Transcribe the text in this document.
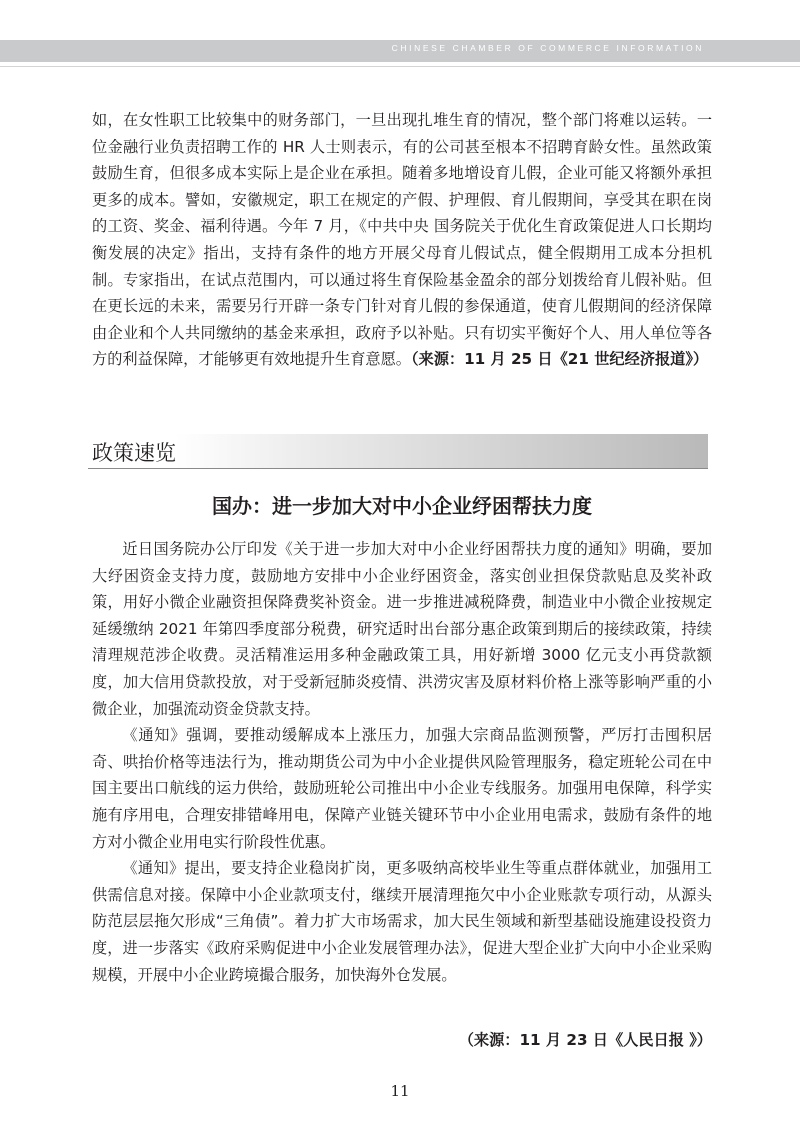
CHINESE CHAMBER OF COMMERCE INFORMATION

如，在女性职工比较集中的财务部门，一旦出现扎堆生育的情况，整个部门将难以运转。一位金融行业负责招聘工作的 HR 人士则表示，有的公司甚至根本不招聘育龄女性。虽然政策鼓励生育，但很多成本实际上是企业在承担。随着多地增设育儿假，企业可能又将额外承担更多的成本。譬如，安徽规定，职工在规定的产假、护理假、育儿假期间，享受其在职在岗的工资、奖金、福利待遇。今年 7 月，《中共中央 国务院关于优化生育政策促进人口长期均衡发展的决定》指出，支持有条件的地方开展父母育儿假试点，健全假期用工成本分担机制。专家指出，在试点范围内，可以通过将生育保险基金盈余的部分划拨给育儿假补贴。但在更长远的未来，需要另行开辟一条专门针对育儿假的参保通道，使育儿假期间的经济保障由企业和个人共同缴纳的基金来承担，政府予以补贴。只有切实平衡好个人、用人单位等各方的利益保障，才能够更有效地提升生育意愿。（来源：11 月 25 日《21 世纪经济报道》）

政策速览
国办：进一步加大对中小企业纾困帮扶力度

近日国务院办公厅印发《关于进一步加大对中小企业纾困帮扶力度的通知》明确，要加大纾困资金支持力度，鼓励地方安排中小企业纾困资金，落实创业担保贷款贴息及奖补政策，用好小微企业融资担保降费奖补资金。进一步推进减税降费，制造业中小微企业按规定延缓缴纳 2021 年第四季度部分税费，研究适时出台部分惠企政策到期后的接续政策，持续清理规范涉企收费。灵活精准运用多种金融政策工具，用好新增 3000 亿元支小再贷款额度，加大信用贷款投放，对于受新冠肺炎疫情、洪涝灾害及原材料价格上涨等影响严重的小微企业，加强流动资金贷款支持。

《通知》强调，要推动缓解成本上涨压力，加强大宗商品监测预警，严厉打击囤积居奇、哄抬价格等违法行为，推动期货公司为中小企业提供风险管理服务，稳定班轮公司在中国主要出口航线的运力供给，鼓励班轮公司推出中小企业专线服务。加强用电保障，科学实施有序用电，合理安排错峰用电，保障产业链关键环节中小企业用电需求，鼓励有条件的地方对小微企业用电实行阶段性优惠。

《通知》提出，要支持企业稳岗扩岗，更多吸纳高校毕业生等重点群体就业，加强用工供需信息对接。保障中小企业款项支付，继续开展清理拖欠中小企业账款专项行动，从源头防范层层拖欠形成“三角债”。着力扩大市场需求，加大民生领域和新型基础设施建设投资力度，进一步落实《政府采购促进中小企业发展管理办法》，促进大型企业扩大向中小企业采购规模，开展中小企业跨境撮合服务，加快海外仓发展。

（来源：11 月 23 日《人民日报 》）
11
